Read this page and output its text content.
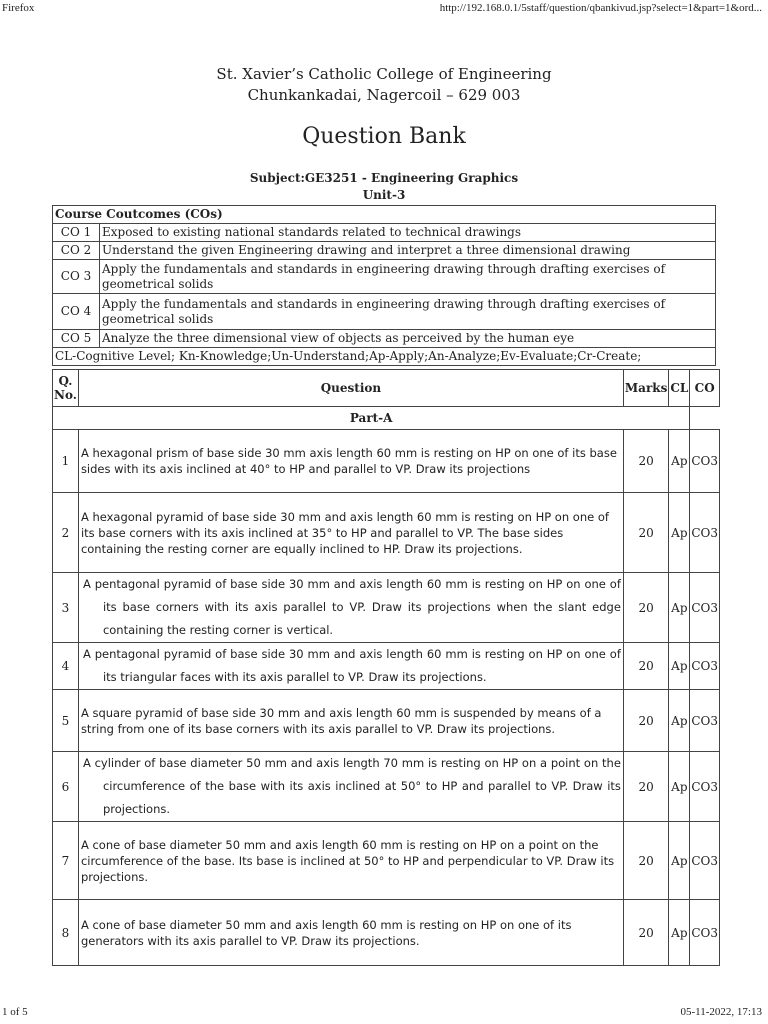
Firefox	http://192.168.0.1/5staff/question/qbankivud.jsp?select=1&part=1&ord...
St. Xavier’s Catholic College of Engineering
Chunkankadai, Nagercoil – 629 003
Question Bank
Subject:GE3251 - Engineering Graphics
Unit-3
Course Coutcomes (COs)	
CO 1	Exposed to existing national standards related to technical drawings
CO 2	Understand the given Engineering drawing and interpret a three dimensional drawing
CO 3	Apply the fundamentals and standards in engineering drawing through drafting exercises of geometrical solids
CO 4	Apply the fundamentals and standards in engineering drawing through drafting exercises of geometrical solids
CO 5	Analyze the three dimensional view of objects as perceived by the human eye
CL-Cognitive Level; Kn-Knowledge;Un-Understand;Ap-Apply;An-Analyze;Ev-Evaluate;Cr-Create;	
Q. No.	Question	Marks	CL	CO
Part-A				
1	A hexagonal prism of base side 30 mm axis length 60 mm is resting on HP on one of its base sides with its axis inclined at 40° to HP and parallel to VP. Draw its projections	20	Ap	CO3
2	A hexagonal pyramid of base side 30 mm and axis length 60 mm is resting on HP on one of its base corners with its axis inclined at 35° to HP and parallel to VP. The base sides containing the resting corner are equally inclined to HP. Draw its projections.	20	Ap	CO3
3	A pentagonal pyramid of base side 30 mm and axis length 60 mm is resting on HP on one of its base corners with its axis parallel to VP. Draw its projections when the slant edge containing the resting corner is vertical.	20	Ap	CO3
4	A pentagonal pyramid of base side 30 mm and axis length 60 mm is resting on HP on one of its triangular faces with its axis parallel to VP. Draw its projections.	20	Ap	CO3
5	A square pyramid of base side 30 mm and axis length 60 mm is suspended by means of a string from one of its base corners with its axis parallel to VP. Draw its projections.	20	Ap	CO3
6	A cylinder of base diameter 50 mm and axis length 70 mm is resting on HP on a point on the circumference of the base with its axis inclined at 50° to HP and parallel to VP. Draw its projections.	20	Ap	CO3
7	A cone of base diameter 50 mm and axis length 60 mm is resting on HP on a point on the circumference of the base. Its base is inclined at 50° to HP and perpendicular to VP. Draw its projections.	20	Ap	CO3
8	A cone of base diameter 50 mm and axis length 60 mm is resting on HP on one of its generators with its axis parallel to VP. Draw its projections.	20	Ap	CO3
1 of 5	05-11-2022, 17:13
